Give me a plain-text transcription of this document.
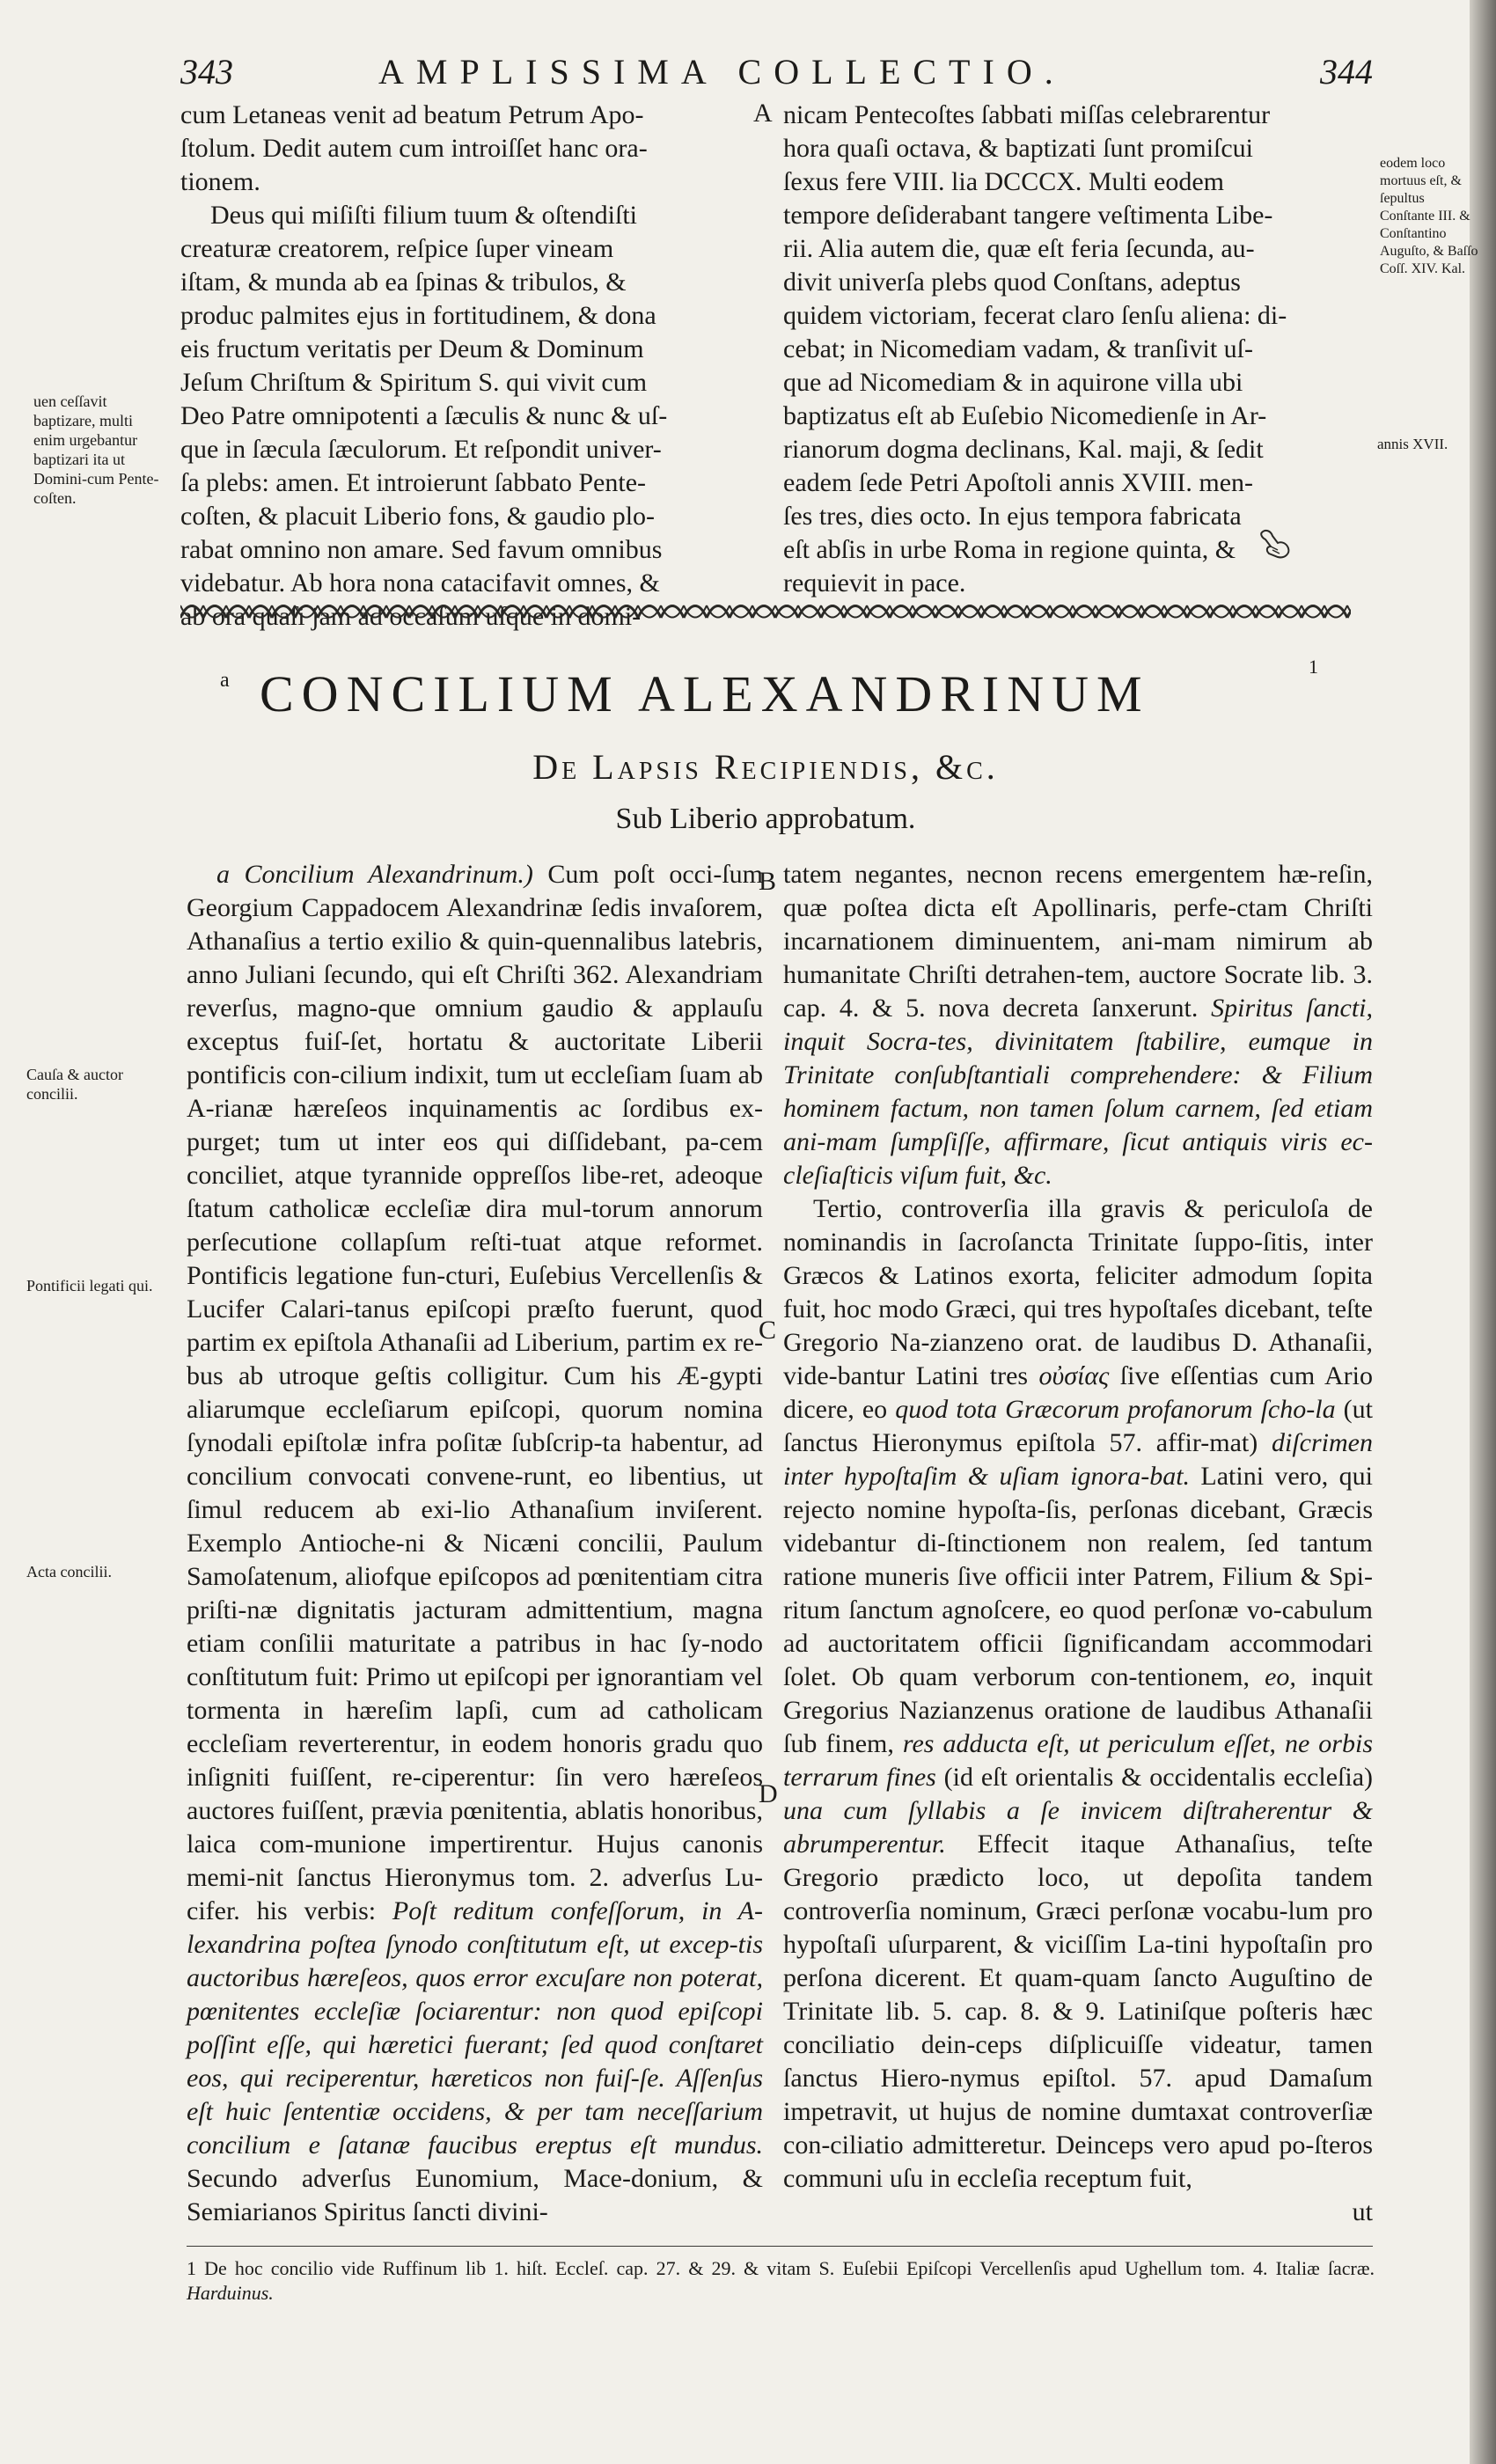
343	AMPLISSIMA COLLECTIO.	344

cum Letaneas venit ad beatum Petrum Apo-
ſtolum. Dedit autem cum introiſſet hanc ora-
tionem.
Deus qui miſiſti filium tuum & oſtendiſti
creaturæ creatorem, reſpice ſuper vineam
iſtam, & munda ab ea ſpinas & tribulos, &
produc palmites ejus in fortitudinem, & dona
eis fructum veritatis per Deum & Dominum
Jeſum Chriſtum & Spiritum S. qui vivit cum
Deo Patre omnipotenti a ſæculis & nunc & uſ-
que in ſæcula ſæculorum. Et reſpondit univer-
ſa plebs: amen. Et introierunt ſabbato Pente-
coſten, & placuit Liberio fons, & gaudio plo-
rabat omnino non amare. Sed favum omnibus
videbatur. Ab hora nona catacifavit omnes, &
nicam Pentecoſtes ſabbati miſſas celebrarentur
hora quaſi octava, & baptizati ſunt promiſcui
ſexus fere VIII. lia DCCCX. Multi eodem
tempore deſiderabant tangere veſtimenta Libe-
rii. Alia autem die, quæ eſt feria ſecunda, au-
divit univerſa plebs quod Conſtans, adeptus
quidem victoriam, fecerat claro ſenſu aliena: di-
cebat; in Nicomediam vadam, & tranſivit uſ-
que ad Nicomediam & in aquirone villa ubi
baptizatus eſt ab Euſebio Nicomedienſe in Ar-
rianorum dogma declinans, Kal. maji, & ſedit
eadem ſede Petri Apoſtoli annis XVIII. men-
ſes tres, dies octo. In ejus tempora fabricata
eſt abſis in urbe Roma in regione quinta, &
requievit in pace.

A

uen ceſſavit baptizare, multi enim urgebantur baptizari ita ut Domini-cum Pente-coſten.

eodem loco mortuus eſt, & ſepultus Conſtante III. & Conſtantino Auguſto, & Baſſo Coſſ. XIV. Kal.

annis XVII.

Cauſa & auctor concilii.

Pontificii legati qui.

Acta concilii.

a

1

CONCILIUM ALEXANDRINUM
De Lapsis Recipiendis, &c.

Sub Liberio approbatum.

a Concilium Alexandrinum.) Cum poſt occi-ſum Georgium Cappadocem Alexandrinæ ſedis invaſorem, Athanaſius a tertio exilio & quin-quennalibus latebris, anno Juliani ſecundo, qui eſt Chriſti 362. Alexandriam reverſus, magno-que omnium gaudio & applauſu exceptus fuiſ-ſet, hortatu & auctoritate Liberii pontificis con-cilium indixit, tum ut eccleſiam ſuam ab A-rianæ hæreſeos inquinamentis ac ſordibus ex-purget; tum ut inter eos qui diſſidebant, pa-cem conciliet, atque tyrannide oppreſſos libe-ret, adeoque ſtatum catholicæ eccleſiæ dira mul-torum annorum perſecutione collapſum reſti-tuat atque reformet. Pontificis legatione fun-cturi, Euſebius Vercellenſis & Lucifer Calari-tanus epiſcopi præſto fuerunt, quod partim ex epiſtola Athanaſii ad Liberium, partim ex re-bus ab utroque geſtis colligitur. Cum his Æ-gypti aliarumque eccleſiarum epiſcopi, quorum nomina ſynodali epiſtolæ infra poſitæ ſubſcrip-ta habentur, ad concilium convocati convene-runt, eo libentius, ut ſimul reducem ab exi-lio Athanaſium inviſerent. Exemplo Antioche-ni & Nicæni concilii, Paulum Samoſatenum, aliofque epiſcopos ad pœnitentiam citra priſti-næ dignitatis jacturam admittentium, magna etiam conſilii maturitate a patribus in hac ſy-nodo conſtitutum fuit: Primo ut epiſcopi per ignorantiam vel tormenta in hæreſim lapſi, cum ad catholicam eccleſiam reverterentur, in eodem honoris gradu quo inſigniti fuiſſent, re-ciperentur: ſin vero hæreſeos auctores fuiſſent, prævia pœnitentia, ablatis honoribus, laica com-munione impertirentur. Hujus canonis memi-nit ſanctus Hieronymus tom. 2. adverſus Lu-cifer. his verbis: Poſt reditum confeſſorum, in A-lexandrina poſtea ſynodo conſtitutum eſt, ut excep-tis auctoribus hæreſeos, quos error excuſare non poterat, pœnitentes eccleſiæ ſociarentur: non quod epiſcopi poſſint eſſe, qui hæretici fuerant; ſed quod conſtaret eos, qui reciperentur, hæreticos non fuiſ-ſe. Aſſenſus eſt huic ſententiæ occidens, & per tam neceſſarium concilium e ſatanæ faucibus ereptus eſt mundus. Secundo adverſus Eunomium, Mace-donium, & Semiarianos Spiritus ſancti divini-

tatem negantes, necnon recens emergentem hæ-reſin, quæ poſtea dicta eſt Apollinaris, perfe-ctam Chriſti incarnationem diminuentem, ani-mam nimirum ab humanitate Chriſti detrahen-tem, auctore Socrate lib. 3. cap. 4. & 5. nova decreta ſanxerunt. Spiritus ſancti, inquit Socra-tes, divinitatem ſtabilire, eumque in Trinitate conſubſtantiali comprehendere: & Filium hominem factum, non tamen ſolum carnem, ſed etiam ani-mam ſumpſiſſe, affirmare, ſicut antiquis viris ec-cleſiaſticis viſum fuit, &c.

Tertio, controverſia illa gravis & periculoſa de nominandis in ſacroſancta Trinitate ſuppo-ſitis, inter Græcos & Latinos exorta, feliciter admodum ſopita fuit, hoc modo Græci, qui tres hypoſtaſes dicebant, teſte Gregorio Na-zianzeno orat. de laudibus D. Athanaſii, vide-bantur Latini tres οὐσίας ſive eſſentias cum Ario dicere, eo quod tota Græcorum profanorum ſcho-la (ut ſanctus Hieronymus epiſtola 57. affir-mat) diſcrimen inter hypoſtaſim & uſiam ignora-bat. Latini vero, qui rejecto nomine hypoſta-ſis, perſonas dicebant, Græcis videbantur di-ſtinctionem non realem, ſed tantum ratione muneris ſive officii inter Patrem, Filium & Spi-ritum ſanctum agnoſcere, eo quod perſonæ vo-cabulum ad auctoritatem officii ſignificandam accommodari ſolet. Ob quam verborum con-tentionem, eo, inquit Gregorius Nazianzenus oratione de laudibus Athanaſii ſub finem, res adducta eſt, ut periculum eſſet, ne orbis terrarum fines (id eſt orientalis & occidentalis eccleſia) una cum ſyllabis a ſe invicem diſtraherentur & abrumperentur. Effecit itaque Athanaſius, teſte Gregorio prædicto loco, ut depoſita tandem controverſia nominum, Græci perſonæ vocabu-lum pro hypoſtaſi uſurparent, & viciſſim La-tini hypoſtaſin pro perſona dicerent. Et quam-quam ſancto Auguſtino de Trinitate lib. 5. cap. 8. & 9. Latiniſque poſteris hæc conciliatio dein-ceps diſplicuiſſe videatur, tamen ſanctus Hiero-nymus epiſtol. 57. apud Damaſum impetravit, ut hujus de nomine dumtaxat controverſiæ con-ciliatio admitteretur. Deinceps vero apud po-ſteros communi uſu in eccleſia receptum fuit,

ut

B

C

D

1 De hoc concilio vide Ruffinum lib 1. hiſt. Eccleſ. cap. 27. & 29. & vitam S. Euſebii Epiſcopi Vercellenſis apud Ughellum tom. 4. Italiæ ſacræ. Harduinus.
